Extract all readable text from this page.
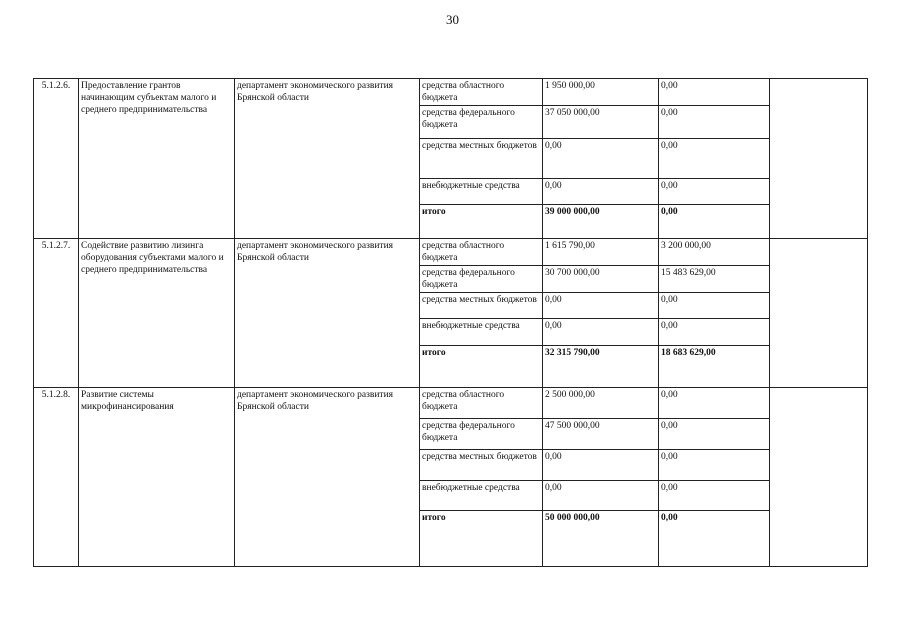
30
5.1.2.6.	Предоставление грантов начинающим субъектам малого и среднего предпринимательства	департамент экономического развития Брянской области	средства областного бюджета	1 950 000,00	0,00	
			средства федерального бюджета	37 050 000,00	0,00	
			средства местных бюджетов	0,00	0,00	
			внебюджетные средства	0,00	0,00	
			итого	39 000 000,00	0,00	
5.1.2.7.	Содействие развитию лизинга оборудования субъектами малого и среднего предпринимательства	департамент экономического развития Брянской области	средства областного бюджета	1 615 790,00	3 200 000,00	
			средства федерального бюджета	30 700 000,00	15 483 629,00	
			средства местных бюджетов	0,00	0,00	
			внебюджетные средства	0,00	0,00	
			итого	32 315 790,00	18 683 629,00	
5.1.2.8.	Развитие системы микрофинансирования	департамент экономического развития Брянской области	средства областного бюджета	2 500 000,00	0,00	
			средства федерального бюджета	47 500 000,00	0,00	
			средства местных бюджетов	0,00	0,00	
			внебюджетные средства	0,00	0,00	
			итого	50 000 000,00	0,00	
